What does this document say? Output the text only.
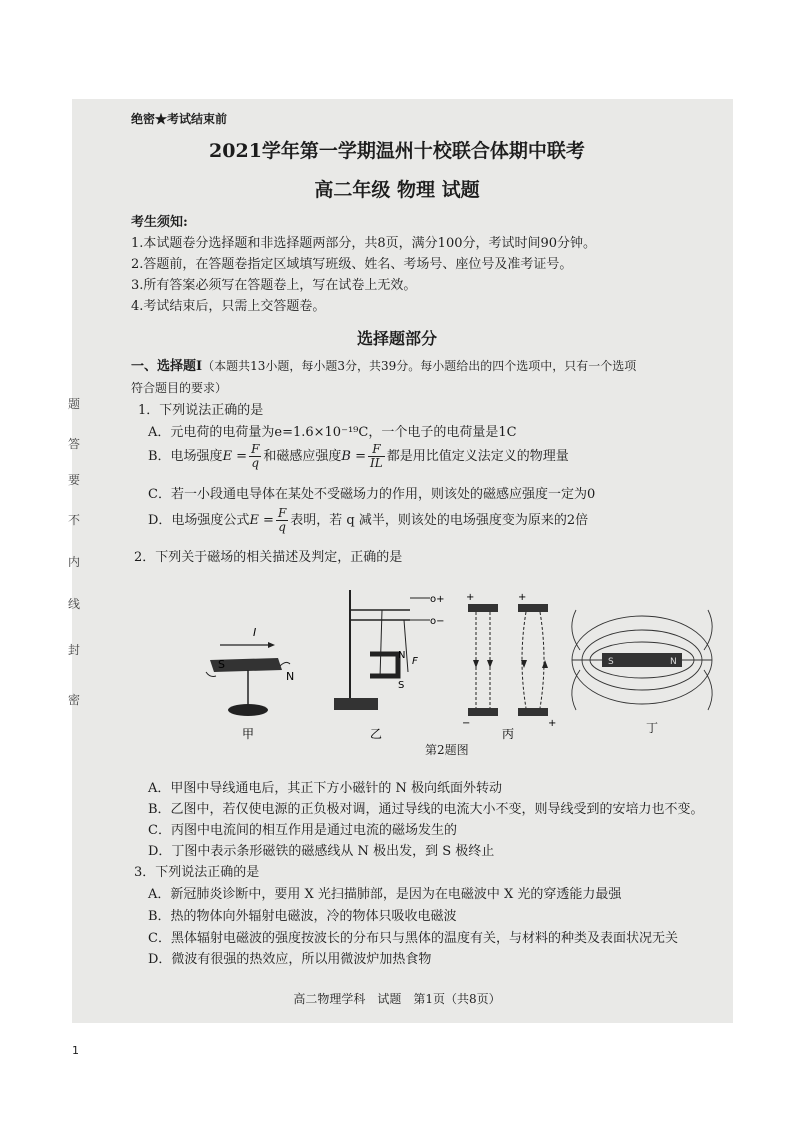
密
封
线
内
不
要
答
题
绝密★考试结束前
2021学年第一学期温州十校联合体期中联考
高二年级 物理 试题
考生须知:
1.本试题卷分选择题和非选择题两部分，共8页，满分100分，考试时间90分钟。
2.答题前，在答题卷指定区域填写班级、姓名、考场号、座位号及准考证号。
3.所有答案必须写在答题卷上，写在试卷上无效。
4.考试结束后，只需上交答题卷。
选择题部分
一、选择题I（本题共13小题，每小题3分，共39分。每小题给出的四个选项中，只有一个选项
符合题目的要求）
1．下列说法正确的是
A．元电荷的电荷量为e=1.6×10⁻¹⁹C，一个电子的电荷量是1C
B．电场强度$E = \frac{F}{q}$ 和磁感应强度$B = \frac{F}{IL}$ 都是用比值定义法定义的物理量
C．若一小段通电导体在某处不受磁场力的作用，则该处的磁感应强度一定为0
D．电场强度公式$E = \frac{F}{q}$ 表明，若 q 减半，则该处的电场强度变为原来的2倍
2．下列关于磁场的相关描述及判定，正确的是
I
S
N
甲
o+
o−
N
S
F
乙
+
−
+
+
丙
S	N
丁
第2题图
A．甲图中导线通电后，其正下方小磁针的 N 极向纸面外转动
B．乙图中，若仅使电源的正负极对调，通过导线的电流大小不变，则导线受到的安培力也不变。
C．丙图中电流间的相互作用是通过电流的磁场发生的
D．丁图中表示条形磁铁的磁感线从 N 极出发，到 S 极终止
3．下列说法正确的是
A．新冠肺炎诊断中，要用 X 光扫描肺部，是因为在电磁波中 X 光的穿透能力最强
B．热的物体向外辐射电磁波，冷的物体只吸收电磁波
C．黑体辐射电磁波的强度按波长的分布只与黑体的温度有关，与材料的种类及表面状况无关
D．微波有很强的热效应，所以用微波炉加热食物
高二物理学科　试题　第1页（共8页）
1
